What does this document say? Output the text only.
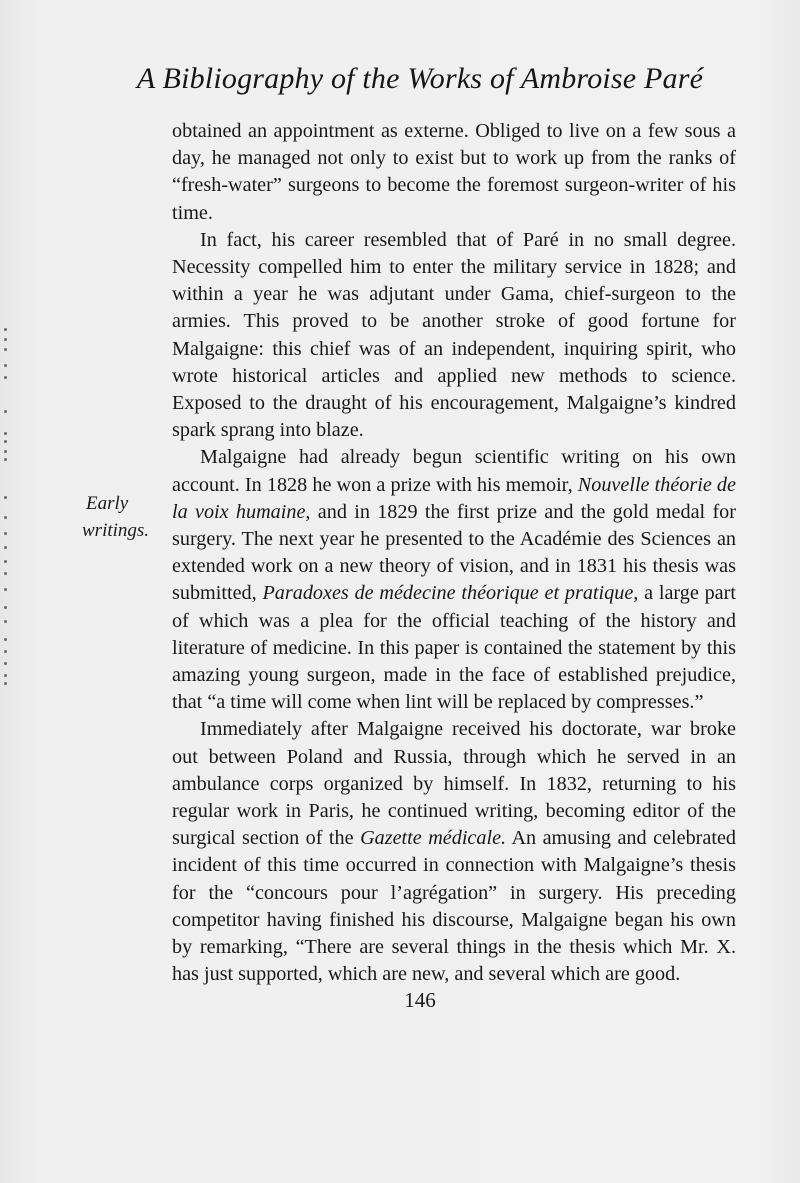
A Bibliography of the Works of Ambroise Paré
Early
writings.

obtained an appointment as externe. Obliged to live on a few sous a day, he managed not only to exist but to work up from the ranks of “fresh-water” surgeons to become the foremost surgeon-writer of his time.

In fact, his career resembled that of Paré in no small degree. Necessity compelled him to enter the military service in 1828; and within a year he was adjutant under Gama, chief-surgeon to the armies. This proved to be another stroke of good fortune for Malgaigne: this chief was of an independent, inquiring spirit, who wrote historical articles and applied new methods to science. Exposed to the draught of his encouragement, Malgaigne’s kindred spark sprang into blaze.

Malgaigne had already begun scientific writing on his own account. In 1828 he won a prize with his memoir, Nouvelle théorie de la voix humaine, and in 1829 the first prize and the gold medal for surgery. The next year he presented to the Académie des Sciences an extended work on a new theory of vision, and in 1831 his thesis was submitted, Paradoxes de médecine théorique et pratique, a large part of which was a plea for the official teaching of the history and literature of medicine. In this paper is contained the statement by this amazing young surgeon, made in the face of established prejudice, that “a time will come when lint will be replaced by compresses.”

Immediately after Malgaigne received his doctorate, war broke out between Poland and Russia, through which he served in an ambulance corps organized by himself. In 1832, returning to his regular work in Paris, he continued writing, becoming editor of the surgical section of the Gazette médicale. An amusing and celebrated incident of this time occurred in connection with Malgaigne’s thesis for the “concours pour l’agrégation” in surgery. His preceding competitor having finished his discourse, Malgaigne began his own by remarking, “There are several things in the thesis which Mr. X. has just supported, which are new, and several which are good.

146
